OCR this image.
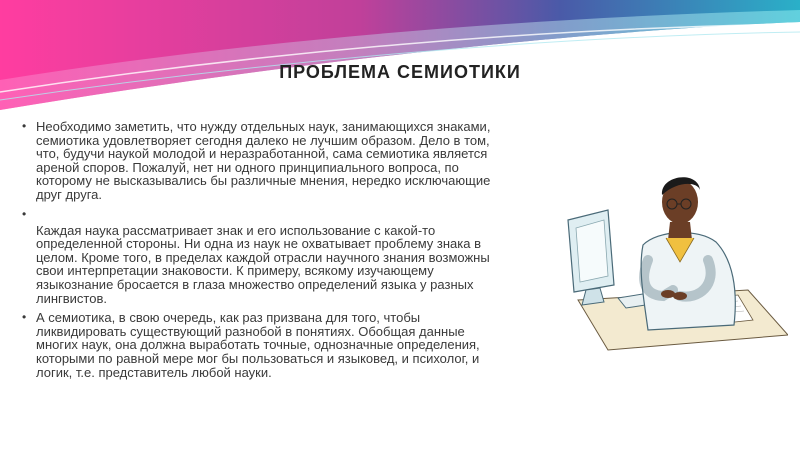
ПРОБЛЕМА СЕМИОТИКИ
• Необходимо заметить, что нужду отдельных наук, занимающихся знаками, семиотика удовлетворяет сегодня далеко не лучшим образом. Дело в том, что, будучи наукой молодой и неразработанной, сама семиотика является ареной споров. Пожалуй, нет ни одного принципиального вопроса, по которому не высказывались бы различные мнения, нередко исключающие друг друга.
•
Каждая наука рассматривает знак и его использование с какой-то определенной стороны. Ни одна из наук не охватывает проблему знака в целом. Кроме того, в пределах каждой отрасли научного знания возможны свои интерпретации знаковости. К примеру, всякому изучающему языкознание бросается в глаза множество определений языка у разных лингвистов.
• А семиотика, в свою очередь, как раз призвана для того, чтобы ликвидировать существующий разнобой в понятиях. Обобщая данные многих наук, она должна выработать точные, однозначные определения, которыми по равной мере мог бы пользоваться и языковед, и психолог, и логик, т.е. представитель любой науки.
